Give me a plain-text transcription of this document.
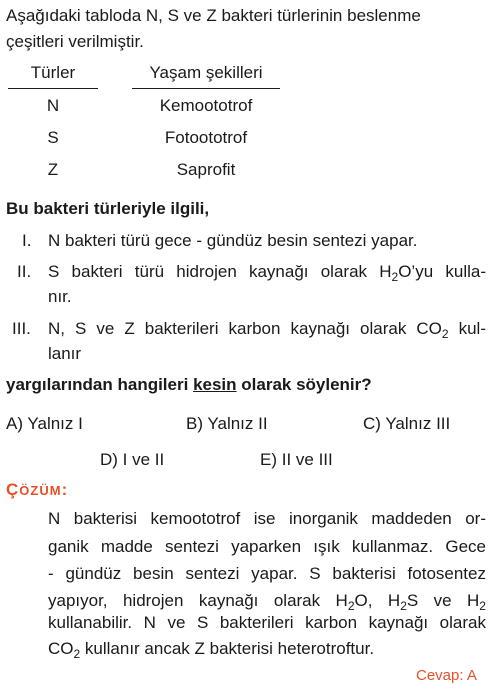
Aşağıdaki tabloda N, S ve Z bakteri türlerinin beslenme
çeşitleri verilmiştir.
Türler	Yaşam şekilleri
N	Kemoototrof
S	Fotoototrof
Z	Saprofit
Bu bakteri türleriyle ilgili,
I. N bakteri türü gece - gündüz besin sentezi yapar.
II. S bakteri türü hidrojen kaynağı olarak $H_2O’yu$ kulla-
nır.
III. N, S ve Z bakterileri karbon kaynağı olarak $CO_2$ kul-
lanır
yargılarından hangileri kesin olarak söylenir?
A) Yalnız I	B) Yalnız II	C) Yalnız III
D) I ve II	E) II ve III
ÇÖZÜM:
N bakterisi kemoototrof ise inorganik maddeden or-
ganik madde sentezi yaparken ışık kullanmaz. Gece
- gündüz besin sentezi yapar. S bakterisi fotosentez
yapıyor, hidrojen kaynağı olarak $H_2O$, $H_2S$ ve $H_2$
kullanabilir. N ve S bakterileri karbon kaynağı olarak
$CO_2$ kullanır ancak Z bakterisi heterotroftur.
Cevap: A
